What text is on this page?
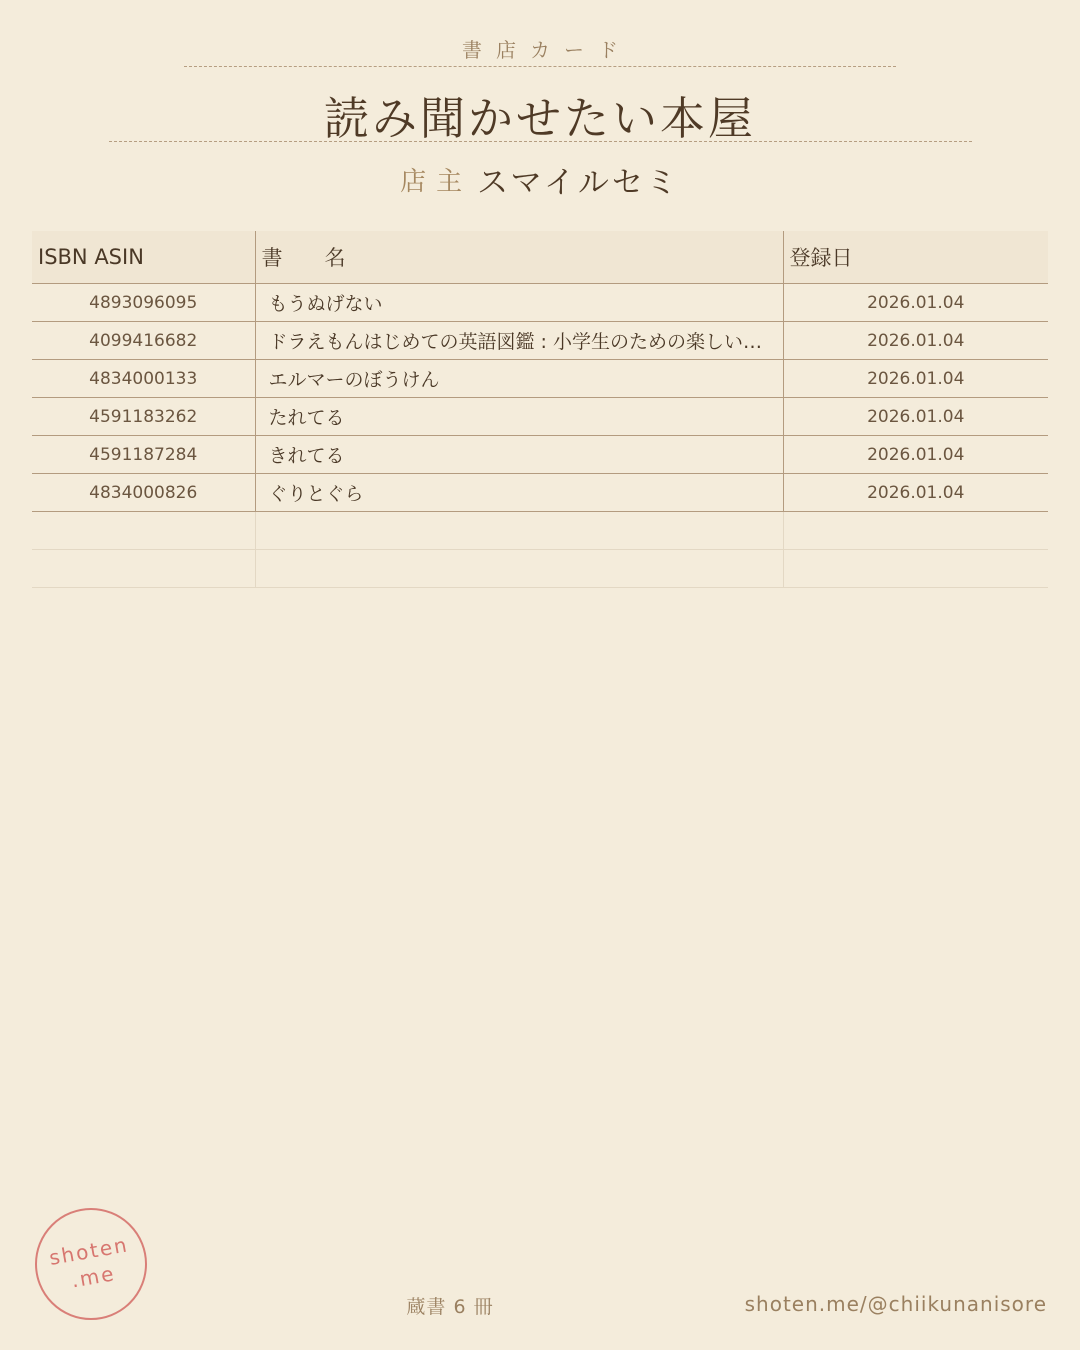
書店カード
読み聞かせたい本屋
店主 スマイルセミ
ISBN ASIN	書　　名	登録日
4893096095	もうぬげない	2026.01.04
4099416682	ドラえもんはじめての英語図鑑 : 小学生のための楽しい…	2026.01.04
4834000133	エルマーのぼうけん	2026.01.04
4591183262	たれてる	2026.01.04
4591187284	きれてる	2026.01.04
4834000826	ぐりとぐら	2026.01.04

shoten
.me
蔵書 6 冊	shoten.me/@chiikunanisore
